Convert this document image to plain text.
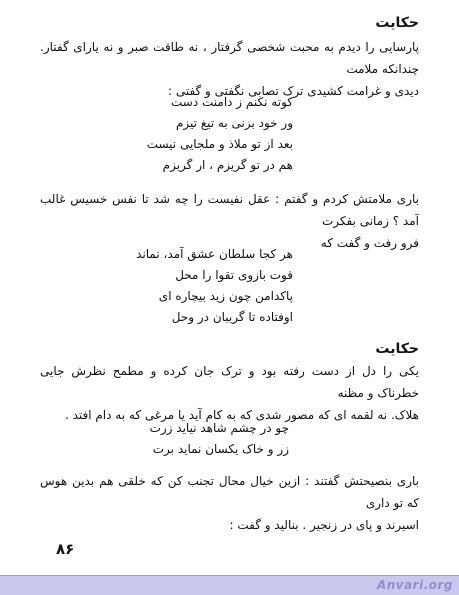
حکایت
پارسایی را دیدم به محبت شخصی گرفتار ، نه طاقت صبر و نه یارای گفتار. چندانکه ملامت
دیدی و غرامت کشیدی ترک تصابی نگفتی و گفتی :
کوته نکنم ز دامنت دست
ور خود بزنی به تیغ تیزم
بعد از تو ملاذ و ملجایی نیست
هم در تو گریزم ، ار گریزم
باری ملامتش کردم و گفتم : عقل نفیست را چه شد تا نفس خسیس غالب آمد ؟ زمانی بفکرت
فرو رفت و گفت که
هر کجا سلطان عشق آمد، نماند
قوت بازوی تقوا را محل
پاکدامن چون زید بیچاره ای
اوفتاده تا گریبان در وحل
حکایت
یکی را دل از دست رفته بود و ترک جان کرده و مطمح نظرش جایی خطرناک و مظنه
هلاک. نه لقمه ای که مصور شدی که به کام آید یا مرغی که به دام افتد .
چو در چشم شاهد نیاید زرت
زر و خاک یکسان نماید برت
باری بنصیحتش گفتند : ازین خیال محال تجنب کن که خلقی هم بدین هوس که تو داری
اسیرند و پای در زنجیر . بنالید و گفت :
۸۶
Anvari.org
